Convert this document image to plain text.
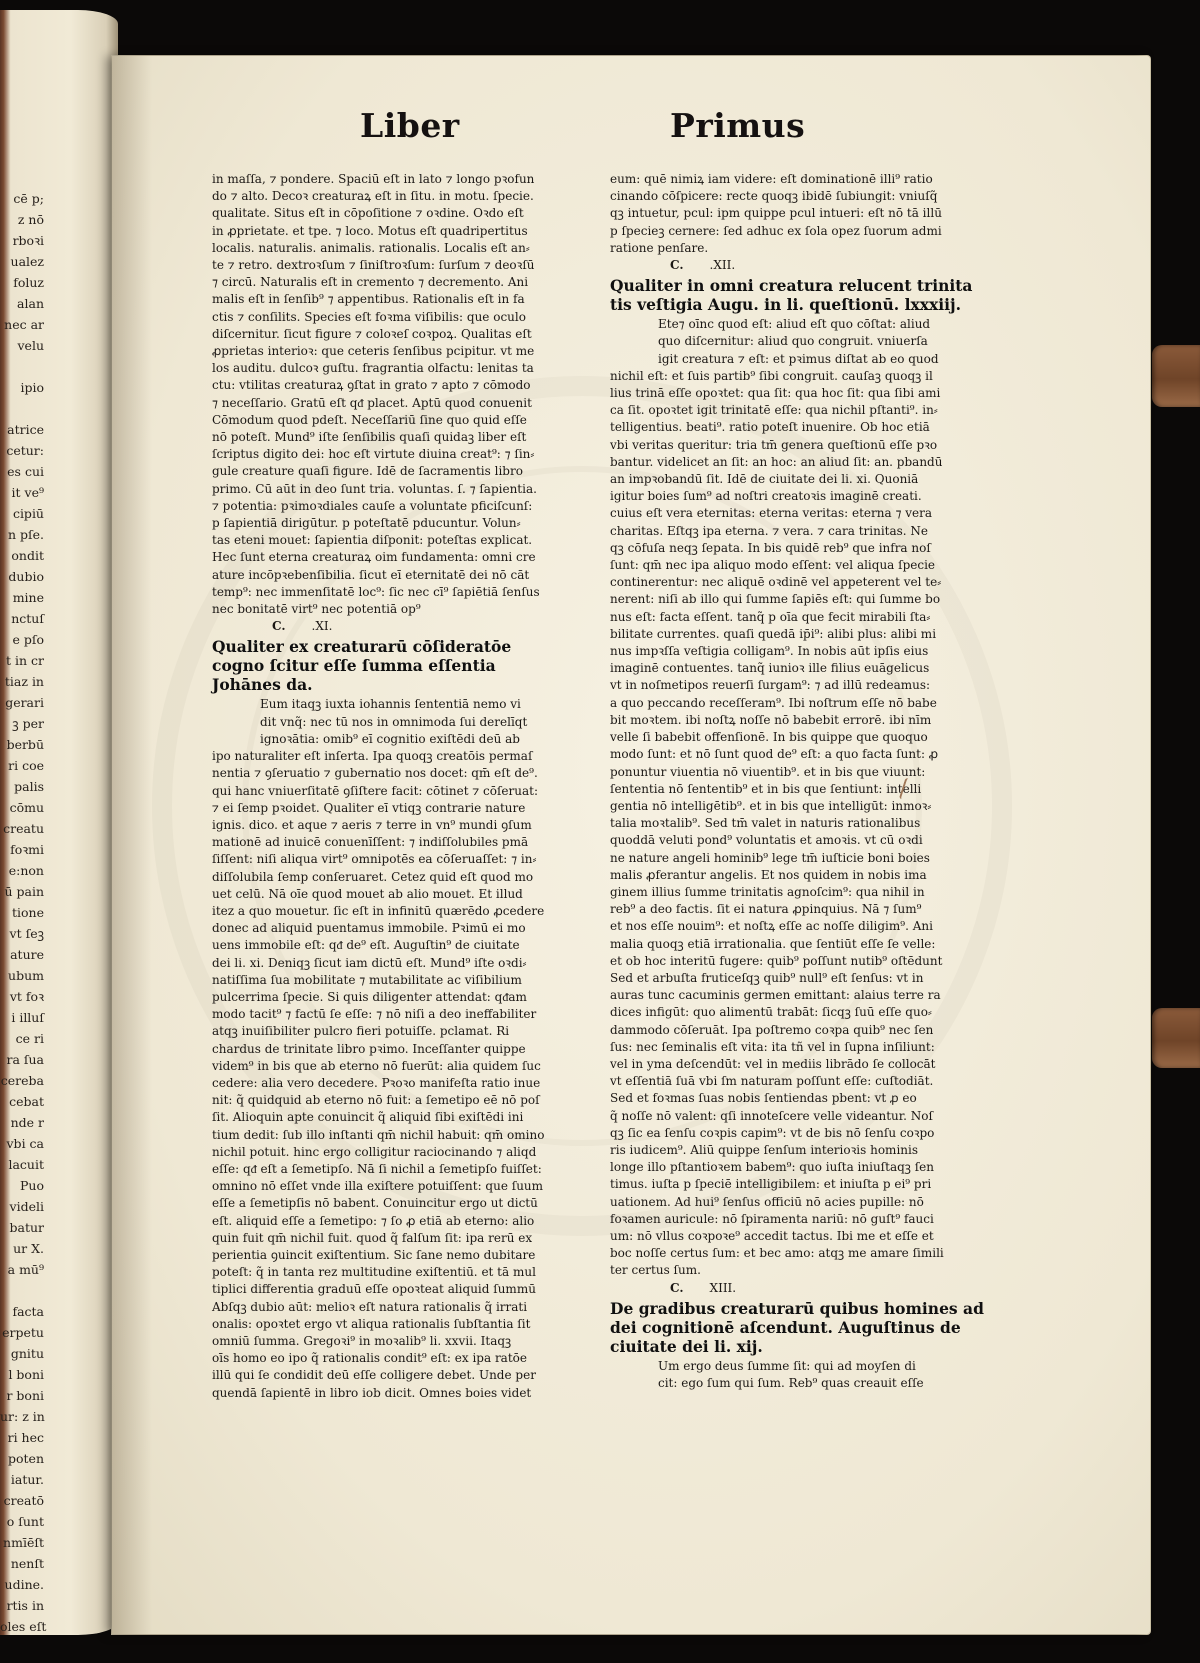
cē p;
z nō
rboꝛi
ualez
foluz
alan
nec ar
velu

ipio

atrice
cetur:
es cui
it ve⁹
cipiū
n pſe.
ondit
dubio
mine
nctuſ
e pſo
t in cr
tiaz in
gerari
ꝫ per
berbū
ri coe
palis
cōmu
creatu
foꝛmi
e:non
ū pain
tione
vt ſeꝫ
ature
ubum
vt foꝛ
i illuſ
ce ri
ra ſua
cereba
cebat
nde r
vbi ca
lacuit
Puo
videli
batur
ur X.
a mū⁹

facta
erpetu
gnitu
l boni
r boni
ur: z in
ri hec
poten
iatur.
creatō
o ſunt
nmīēſt
nenſt
udine.
rtis in
oles eſt
Liber	Primus
in maſſa, ⁊ pondere. Spaciū eſt in lato ⁊ longo pꝛofun
do ⁊ alto. Decoꝛ creaturaꝝ eſt in ſitu. in motu. ſpecie.
qualitate. Situs eſt in cōpoſitione ⁊ oꝛdine. Oꝛdo eſt
in ꝓprietate. et tpe. ⁊ loco. Motus eſt quadripertitus
localis. naturalis. animalis. rationalis. Localis eſt an⸗
te ⁊ retro. dextroꝛſum ⁊ ſiniſtroꝛſum: ſurſum ⁊ deoꝛſū
⁊ circū. Naturalis eſt in cremento ⁊ decremento. Ani
malis eſt in ſenſib⁹ ⁊ appentibus. Rationalis eſt in fa
ctis ⁊ conſilits. Species eſt foꝛma viſibilis: que oculo
diſcernitur. ſicut figure ⁊ coloꝛeſ coꝛpoꝝ. Qualitas eſt
ꝓprietas interioꝛ: que ceteris ſenſibus pcipitur. vt me
los auditu. dulcoꝛ guſtu. fragrantia olfactu: lenitas ta
ctu: vtilitas creaturaꝝ ꝯſtat in grato ⁊ apto ⁊ cōmodo
⁊ neceſſario. Gratū eſt qᵭ placet. Aptū quod conuenit
Cōmodum quod pdeſt. Neceſſariū ſine quo quid eſſe
nō poteſt. Mund⁹ iſte ſenſibilis quaſi quidaꝫ liber eſt
ſcriptus digito dei: hoc eſt virtute diuina creat⁹: ⁊ ſin⸗
gule creature quaſi figure. Idē de ſacramentis libro
primo. Cū aūt in deo ſunt tria. voluntas. ſ. ⁊ ſapientia.
⁊ potentia: pꝛimoꝛdiales cauſe a voluntate pficiſcunſ:
p ſapientiā dirigūtur. p poteſtatē pducuntur. Volun⸗
tas eteni mouet: ſapientia diſponit: poteſtas explicat.
Hec ſunt eterna creaturaꝝ oim fundamenta: omni cre
ature incōpꝛebenſibilia. ſicut eī eternitatē dei nō cāt
temp⁹: nec immenſitatē loc⁹: ſic nec cī⁹ ſapiētiā ſenſus
nec bonitatē virt⁹ nec potentiā op⁹
C. .XI.
Qualiter ex creaturarū cōſideratōe cogno ſcitur eſſe ſumma eſſentia Johānes da.
Eum itaqꝫ iuxta iohannis ſententiā nemo vi
dit vnq̃: nec tū nos in omnimoda ſui derelīqt
ignoꝛātia: omib⁹ eī cognitio exiſtēdi deū ab
ipo naturaliter eſt inſerta. Ipa quoqꝫ creatōis permaſ
nentia ⁊ ꝯſeruatio ⁊ gubernatio nos docet: qm̄ eſt de⁹.
qui hanc vniuerſitatē ꝯſiſtere facit: cōtinet ⁊ cōſeruat:
⁊ ei ſemp pꝛoidet. Qualiter eī vtiqꝫ contrarie nature
ignis. dico. et aque ⁊ aeris ⁊ terre in vn⁹ mundi ꝯſum
mationē ad inuicē conuenīſſent: ⁊ indiſſolubiles pmā
ſiſſent: niſi aliqua virt⁹ omnipotēs ea cōſeruaſſet: ⁊ in⸗
diſſolubila ſemp conſeruaret. Cetez quid eſt quod mo
uet celū. Nā oīe quod mouet ab alio mouet. Et illud
itez a quo mouetur. ſic eſt in infinitū quærēdo ꝓcedere
donec ad aliquid puentamus immobile. Pꝛimū ei mo
uens immobile eſt: qᵭ de⁹ eſt. Auguſtin⁹ de ciuitate
dei li. xi. Deniqꝫ ſicut iam dictū eſt. Mund⁹ iſte oꝛdi⸗
natiſſima ſua mobilitate ⁊ mutabilitate ac viſibilium
pulcerrima ſpecie. Si quis diligenter attendat: qᵭam
modo tacit⁹ ⁊ factū ſe eſſe: ⁊ nō niſi a deo ineffabiliter
atqꝫ inuiſibiliter pulcro fieri potuiſſe. pclamat. Ri
chardus de trinitate libro pꝛimo. Inceſſanter quippe
videm⁹ in bis que ab eterno nō fuerūt: alia quidem ſuc
cedere: alia vero decedere. Pꝛoꝛo manifeſta ratio inue
nit: q̃ quidquid ab eterno nō fuit: a ſemetipo eē nō poſ
ſit. Alioquin apte conuincit q̃ aliquid ſibi exiſtēdi ini
tium dedit: ſub illo inſtanti qm̄ nichil habuit: qm̄ omino
nichil potuit. hinc ergo colligitur raciocinando ⁊ aliqd
eſſe: qᵭ eſt a ſemetipſo. Nā ſi nichil a ſemetipſo fuiſſet:
omnino nō eſſet vnde illa exiſtere potuiſſent: que ſuum
eſſe a ſemetipſis nō babent. Conuincitur ergo ut dictū
eſt. aliquid eſſe a ſemetipo: ⁊ ſo ꝓ etiā ab eterno: alio
quin fuit qm̄ nichil fuit. quod q̃ falſum ſit: ipa rerū ex
perientia ꝯuincit exiſtentium. Sic ſane nemo dubitare
poteſt: q̃ in tanta rez multitudine exiſtentiū. et tā mul
tiplici differentia graduū eſſe opoꝛteat aliquid ſummū
Abſqꝫ dubio aūt: melioꝛ eſt natura rationalis q̃ irrati
onalis: opoꝛtet ergo vt aliqua rationalis ſubſtantia ſit
omniū ſumma. Gregoꝛi⁹ in moꝛalib⁹ li. xxvii. Itaqꝫ
oīs homo eo ipo q̃ rationalis condit⁹ eſt: ex ipa ratōe
illū qui ſe condidit deū eſſe colligere debet. Unde per
quendā ſapientē in libro iob dicit. Omnes boies videt
eum: quē nimiꝝ iam videre: eſt dominationē illi⁹ ratio
cinando cōſpicere: recte quoqꝫ ibidē ſubiungit: vniuſq̃
qꝫ intuetur, pcul: ipm quippe pcul intueri: eſt nō tā illū
p ſpecieꝫ cernere: ſed adhuc ex ſola opez ſuorum admi
ratione penſare.
C. .XII.
Qualiter in omni creatura relucent trinita tis veſtigia Augu. in li. queſtionū. lxxxiij.
Ete⁊ oīnc quod eſt: aliud eſt quo cōſtat: aliud
quo diſcernitur: aliud quo congruit. vniuerſa
igit creatura ⁊ eſt: et pꝛimus diſtat ab eo quod
nichil eſt: et ſuis partib⁹ ſibi congruit. cauſaꝫ quoqꝫ il
lius trinā eſſe opoꝛtet: qua ſit: qua hoc ſit: qua ſibi ami
ca ſit. opoꝛtet igit trinitatē eſſe: qua nichil pſtanti⁹. in⸗
telligentius. beati⁹. ratio poteſt inuenire. Ob hoc etiā
vbi veritas queritur: tria tm̄ genera queſtionū eſſe pꝛo
bantur. videlicet an ſit: an hoc: an aliud ſit: an. pbandū
an impꝛobandū ſit. Idē de ciuitate dei li. xi. Quoniā
igitur boies ſum⁹ ad noſtri creatoꝛis imaginē creati.
cuius eſt vera eternitas: eterna veritas: eterna ⁊ vera
charitas. Eſtqꝫ ipa eterna. ⁊ vera. ⁊ cara trinitas. Ne
qꝫ cōfuſa neqꝫ ſepata. In bis quidē reb⁹ que infra noſ
ſunt: qm̄ nec ipa aliquo modo eſſent: vel aliqua ſpecie
continerentur: nec aliquē oꝛdinē vel appeterent vel te⸗
nerent: niſi ab illo qui ſumme ſapiēs eſt: qui ſumme bo
nus eſt: facta eſſent. tanq̃ p oīa que fecit mirabili ſta⸗
bilitate currentes. quaſi quedā ip̄i⁹: alibi plus: alibi mi
nus impꝛſſa veſtigia colligam⁹. In nobis aūt ipſis eius
imaginē contuentes. tanq̃ iunioꝛ ille filius euāgelicus
vt in noſmetipos reuerſi ſurgam⁹: ⁊ ad illū redeamus:
a quo peccando receſſeram⁹. Ibi noſtrum eſſe nō babe
bit moꝛtem. ibi noſtꝝ noſſe nō babebit errorē. ibi nīm
velle ſi babebit offenſionē. In bis quippe que quoquo
modo ſunt: et nō ſunt quod de⁹ eſt: a quo facta ſunt: ꝓ
ponuntur viuentia nō viuentib⁹. et in bis que viuunt:
ſententia nō ſententib⁹ et in bis que ſentiunt: intelli
gentia nō intelligētib⁹. et in bis que intelligūt: inmoꝛ⸗
talia moꝛtalib⁹. Sed tm̄ valet in naturis rationalibus
quoddā veluti pond⁹ voluntatis et amoꝛis. vt cū oꝛdi
ne nature angeli hominib⁹ lege tm̄ iuſticie boni boies
malis ꝓferantur angelis. Et nos quidem in nobis ima
ginem illius ſumme trinitatis agnoſcim⁹: qua nihil in
reb⁹ a deo factis. ſit ei natura ꝓpinquius. Nā ⁊ ſum⁹
et nos eſſe nouim⁹: et noſtꝝ eſſe ac noſſe diligim⁹. Ani
malia quoqꝫ etiā irrationalia. que ſentiūt eſſe ſe velle:
et ob hoc interitū fugere: quib⁹ poſſunt nutib⁹ oſtēdunt
Sed et arbuſta fruticeſqꝫ quib⁹ null⁹ eſt ſenſus: vt in
auras tunc cacuminis germen emittant: alaius terre ra
dices infigūt: quo alimentū trabāt: ſicqꝫ ſuū eſſe quo⸗
dammodo cōſeruāt. Ipa poſtremo coꝛpa quib⁹ nec ſen
ſus: nec ſeminalis eſt vita: ita tñ vel in ſupna inſiliunt:
vel in yma deſcendūt: vel in mediis librādo ſe collocāt
vt eſſentiā ſuā vbi ſm naturam poſſunt eſſe: cuſtodiāt.
Sed et foꝛmas ſuas nobis ſentiendas pbent: vt ꝓ eo
q̃ noſſe nō valent: qſi innoteſcere velle videantur. Noſ
qꝫ ſic ea ſenſu coꝛpis capim⁹: vt de bis nō ſenſu coꝛpo
ris iudicem⁹. Aliū quippe ſenſum interioꝛis hominis
longe illo pſtantioꝛem babem⁹: quo iuſta iniuſtaqꝫ ſen
timus. iuſta p ſpeciē intelligibilem: et iniuſta p ei⁹ pri
uationem. Ad hui⁹ ſenſus officiū nō acies pupille: nō
foꝛamen auricule: nō ſpiramenta nariū: nō guſt⁹ fauci
um: nō vllus coꝛpoꝛe⁹ accedit tactus. Ibi me et eſſe et
boc noſſe certus ſum: et bec amo: atqꝫ me amare ſimili
ter certus ſum.
C. XIII.
De gradibus creaturarū quibus homines ad dei cognitionē aſcendunt. Auguſtinus de ciuitate dei li. xij.
Um ergo deus ſumme ſit: qui ad moyſen di
cit: ego ſum qui ſum. Reb⁹ quas creauit eſſe
